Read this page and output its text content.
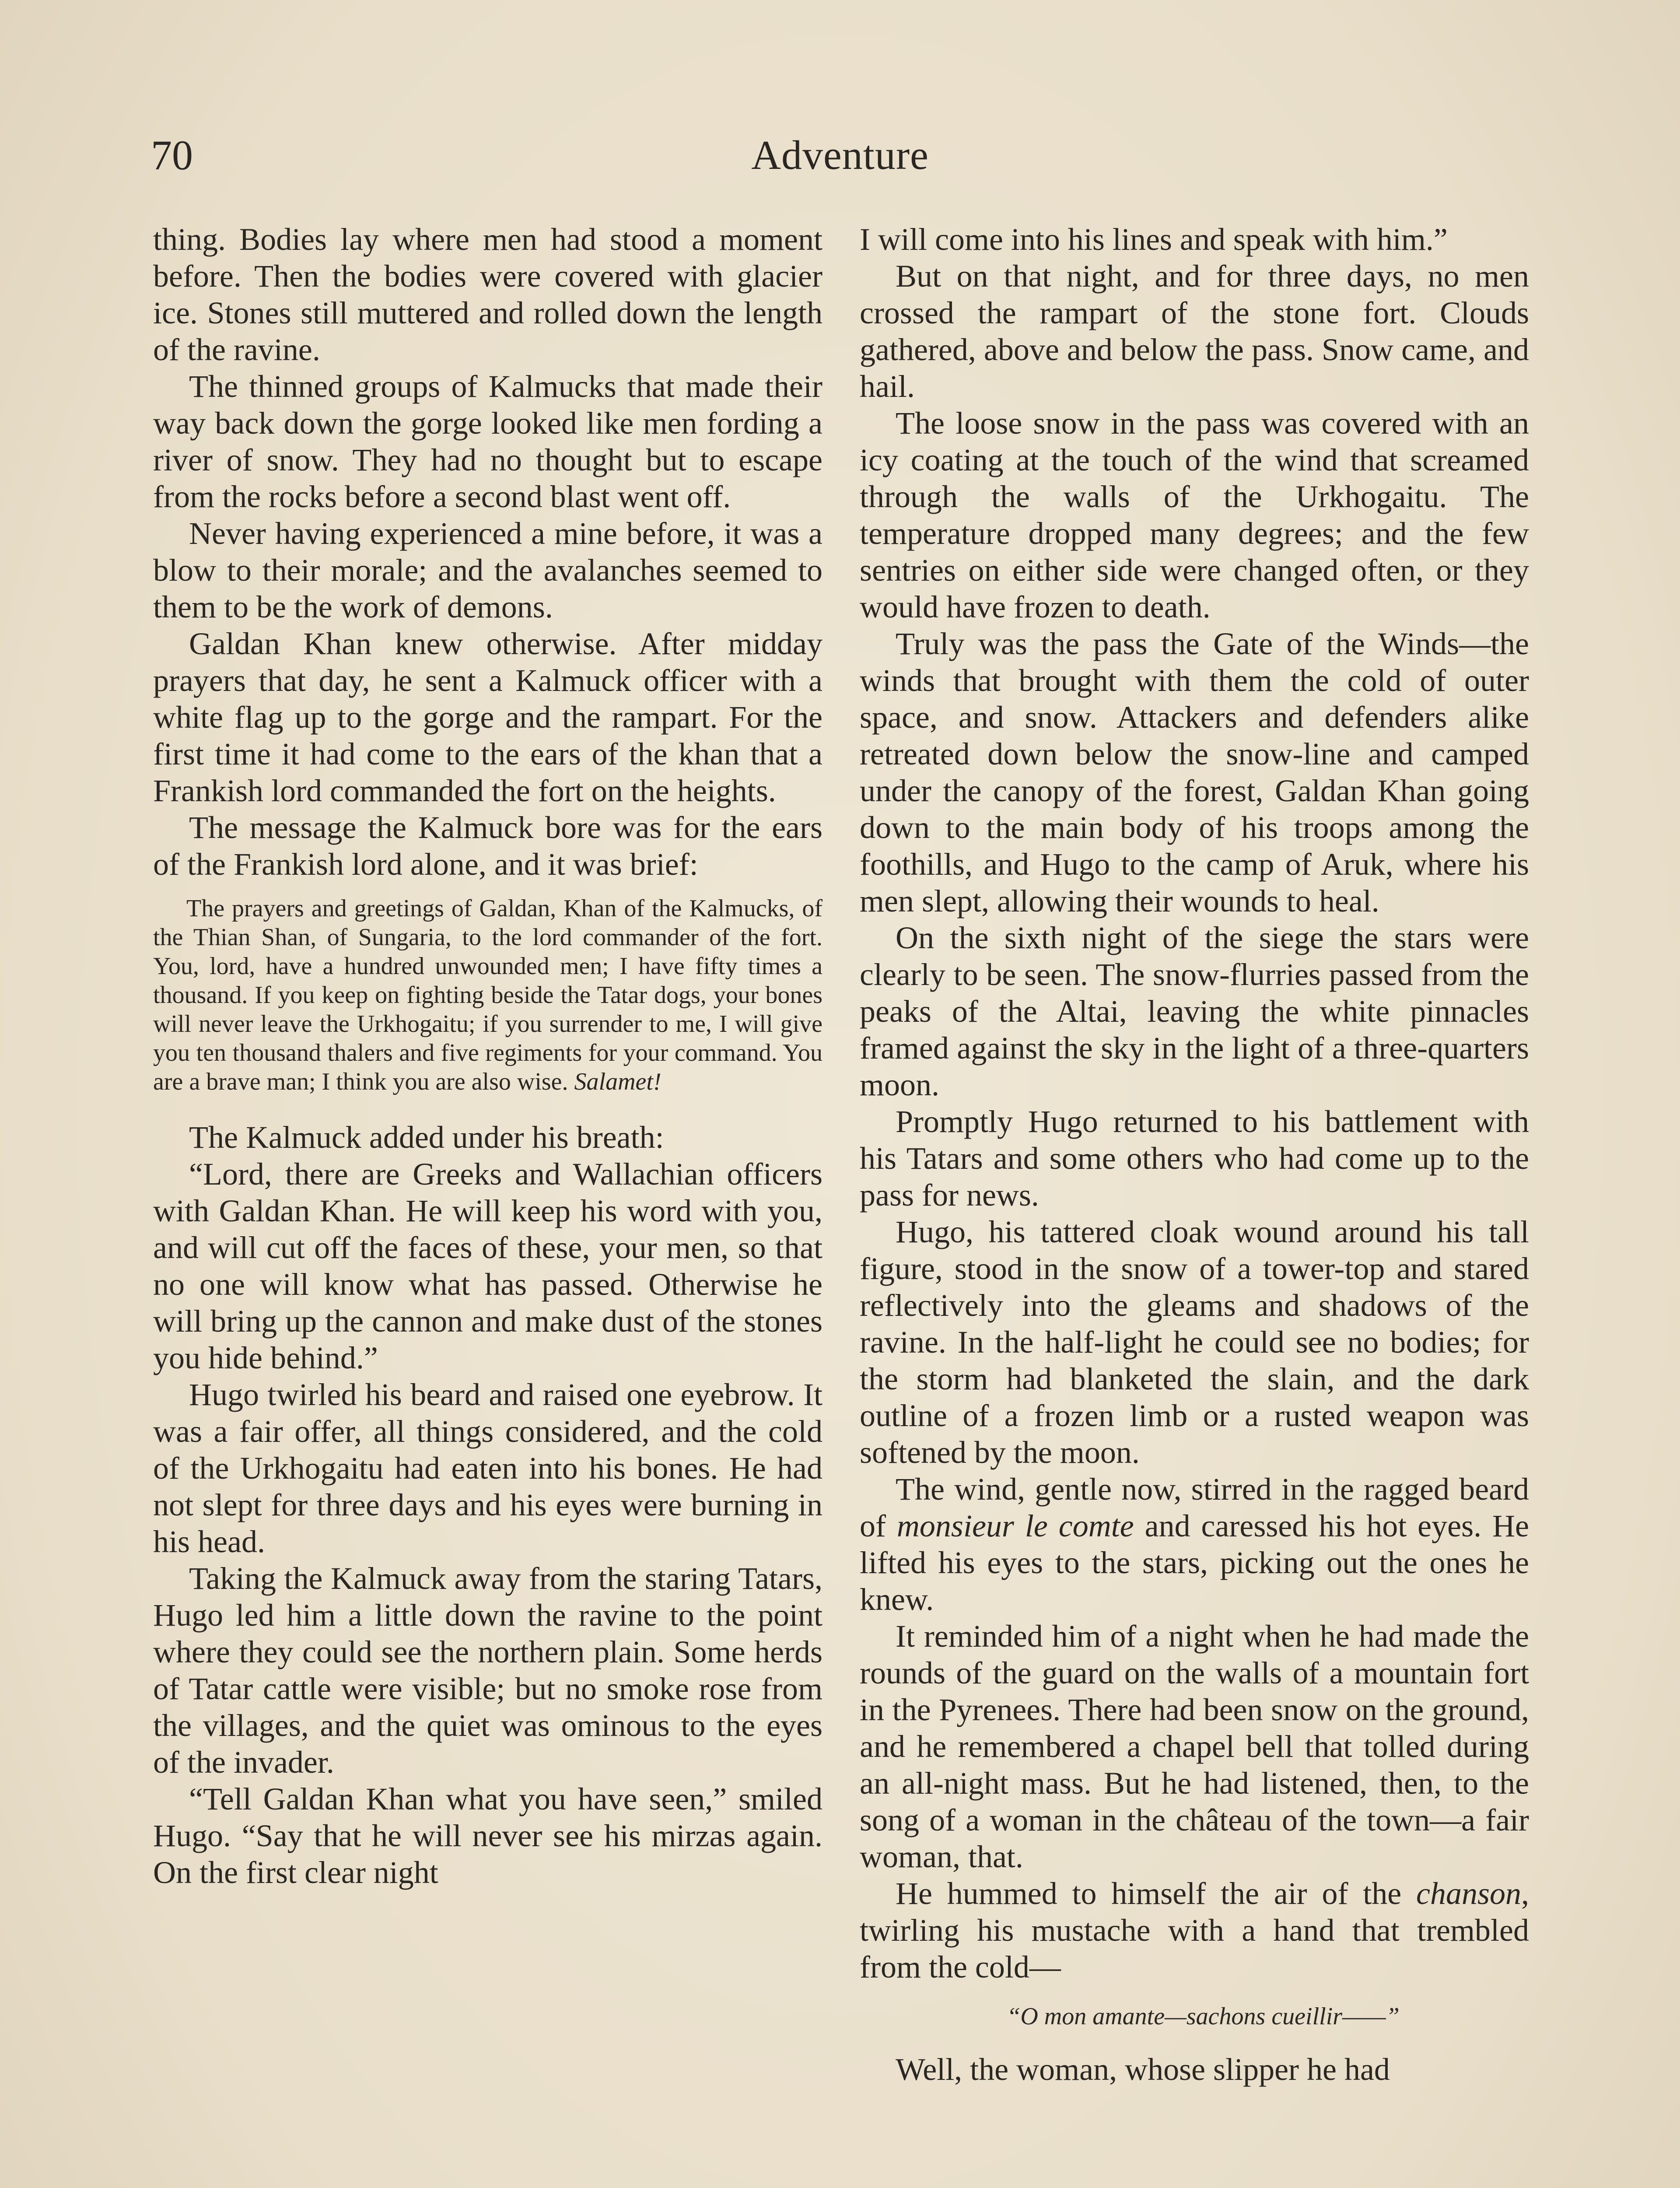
70	Adventure

thing. Bodies lay where men had stood a moment before. Then the bodies were covered with glacier ice. Stones still muttered and rolled down the length of the ravine.

The thinned groups of Kalmucks that made their way back down the gorge looked like men fording a river of snow. They had no thought but to escape from the rocks before a second blast went off.

Never having experienced a mine before, it was a blow to their morale; and the avalanches seemed to them to be the work of demons.

Galdan Khan knew otherwise. After midday prayers that day, he sent a Kalmuck officer with a white flag up to the gorge and the rampart. For the first time it had come to the ears of the khan that a Frankish lord commanded the fort on the heights.

The message the Kalmuck bore was for the ears of the Frankish lord alone, and it was brief:

The prayers and greetings of Galdan, Khan of the Kalmucks, of the Thian Shan, of Sungaria, to the lord commander of the fort. You, lord, have a hundred unwounded men; I have fifty times a thousand. If you keep on fighting beside the Tatar dogs, your bones will never leave the Urkhogaitu; if you surrender to me, I will give you ten thousand thalers and five regiments for your command. You are a brave man; I think you are also wise. Salamet!

The Kalmuck added under his breath:

“Lord, there are Greeks and Wallachian officers with Galdan Khan. He will keep his word with you, and will cut off the faces of these, your men, so that no one will know what has passed. Otherwise he will bring up the cannon and make dust of the stones you hide behind.”

Hugo twirled his beard and raised one eyebrow. It was a fair offer, all things considered, and the cold of the Urkhogaitu had eaten into his bones. He had not slept for three days and his eyes were burning in his head.

Taking the Kalmuck away from the staring Tatars, Hugo led him a little down the ravine to the point where they could see the northern plain. Some herds of Tatar cattle were visible; but no smoke rose from the villages, and the quiet was ominous to the eyes of the invader.

“Tell Galdan Khan what you have seen,” smiled Hugo. “Say that he will never see his mirzas again. On the first clear night

I will come into his lines and speak with him.”

But on that night, and for three days, no men crossed the rampart of the stone fort. Clouds gathered, above and below the pass. Snow came, and hail.

The loose snow in the pass was covered with an icy coating at the touch of the wind that screamed through the walls of the Urkhogaitu. The temperature dropped many degrees; and the few sentries on either side were changed often, or they would have frozen to death.

Truly was the pass the Gate of the Winds—the winds that brought with them the cold of outer space, and snow. Attackers and defenders alike retreated down below the snow-line and camped under the canopy of the forest, Galdan Khan going down to the main body of his troops among the foothills, and Hugo to the camp of Aruk, where his men slept, allowing their wounds to heal.

On the sixth night of the siege the stars were clearly to be seen. The snow-flurries passed from the peaks of the Altai, leaving the white pinnacles framed against the sky in the light of a three-quarters moon.

Promptly Hugo returned to his battlement with his Tatars and some others who had come up to the pass for news.

Hugo, his tattered cloak wound around his tall figure, stood in the snow of a tower-top and stared reflectively into the gleams and shadows of the ravine. In the half-light he could see no bodies; for the storm had blanketed the slain, and the dark outline of a frozen limb or a rusted weapon was softened by the moon.

The wind, gentle now, stirred in the ragged beard of monsieur le comte and caressed his hot eyes. He lifted his eyes to the stars, picking out the ones he knew.

It reminded him of a night when he had made the rounds of the guard on the walls of a mountain fort in the Pyrenees. There had been snow on the ground, and he remembered a chapel bell that tolled during an all-night mass. But he had listened, then, to the song of a woman in the château of the town—a fair woman, that.

He hummed to himself the air of the chanson, twirling his mustache with a hand that trembled from the cold—

“O mon amante—sachons cueillir——”

Well, the woman, whose slipper he had
